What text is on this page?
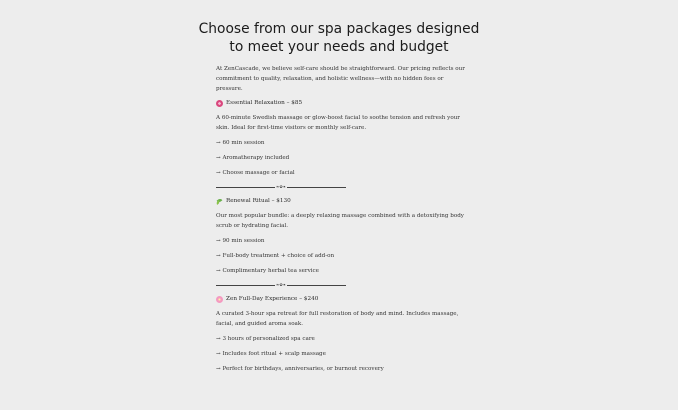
Choose from our spa packages designed to meet your needs and budget

At ZenCascade, we believe self-care should be straightforward. Our pricing reflects our commitment to quality, relaxation, and holistic wellness—with no hidden fees or pressure.

Essential Relaxation – $85

A 60-minute Swedish massage or glow-boost facial to soothe tension and refresh your skin. Ideal for first-time visitors or monthly self-care.

→ 60 min session
→ Aromatherapy included
→ Choose massage or facial
❧✿❧
Renewal Ritual – $130

Our most popular bundle: a deeply relaxing massage combined with a detoxifying body scrub or hydrating facial.

→ 90 min session
→ Full-body treatment + choice of add-on
→ Complimentary herbal tea service
❧✿❧
Zen Full-Day Experience – $240

A curated 3-hour spa retreat for full restoration of body and mind. Includes massage, facial, and guided aroma soak.

→ 3 hours of personalized spa care
→ Includes foot ritual + scalp massage
→ Perfect for birthdays, anniversaries, or burnout recovery
